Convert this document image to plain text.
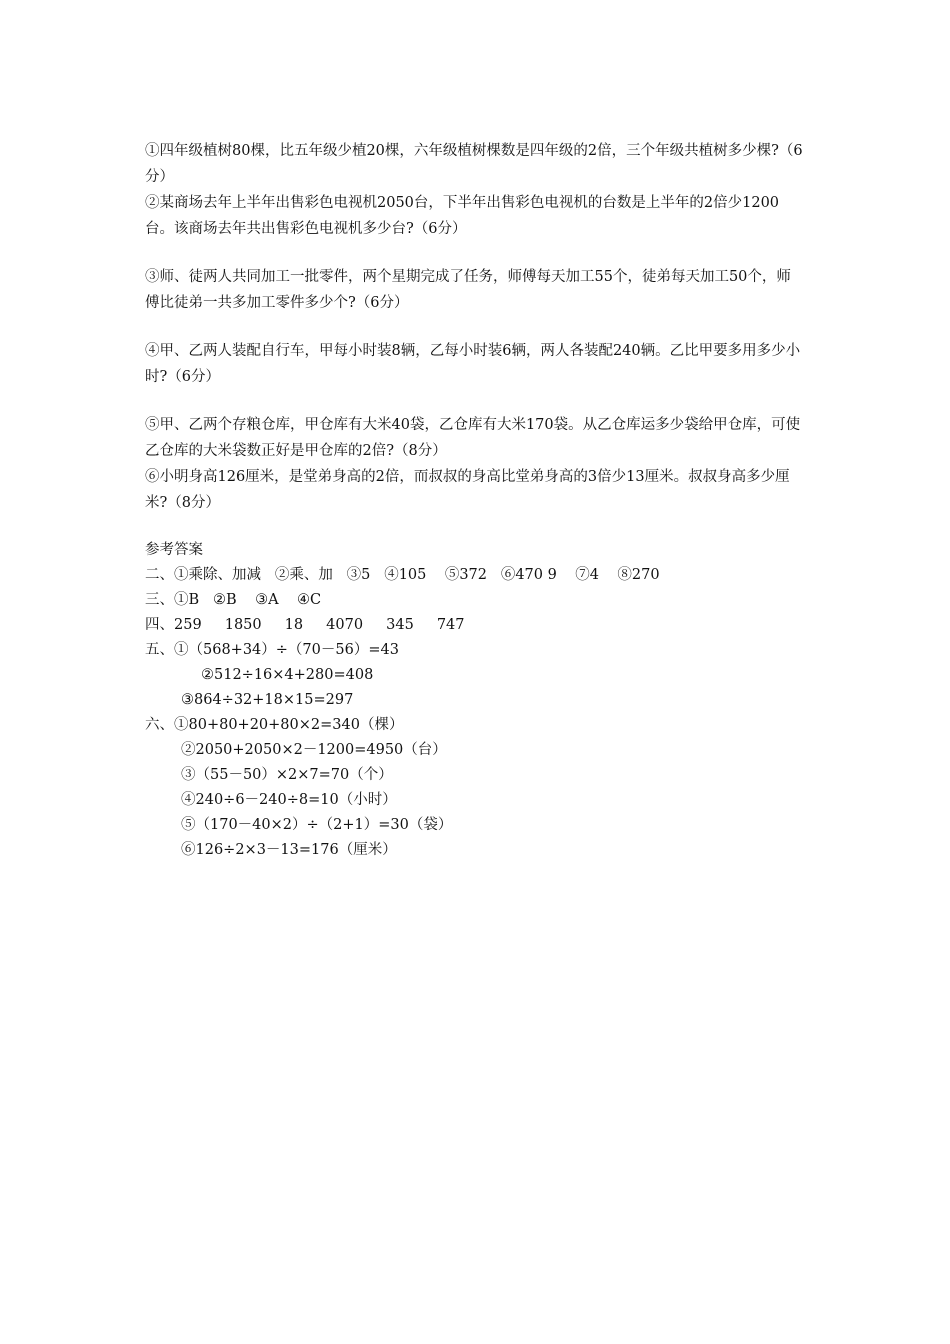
①四年级植树80棵，比五年级少植20棵，六年级植树棵数是四年级的2倍，三个年级共植树多少棵?（6分）

②某商场去年上半年出售彩色电视机2050台，下半年出售彩色电视机的台数是上半年的2倍少1200台。该商场去年共出售彩色电视机多少台?（6分）

③师、徒两人共同加工一批零件，两个星期完成了任务，师傅每天加工55个，徒弟每天加工50个，师傅比徒弟一共多加工零件多少个?（6分）

④甲、乙两人装配自行车，甲每小时装8辆，乙每小时装6辆，两人各装配240辆。乙比甲要多用多少小时?（6分）

⑤甲、乙两个存粮仓库，甲仓库有大米40袋，乙仓库有大米170袋。从乙仓库运多少袋给甲仓库，可使乙仓库的大米袋数正好是甲仓库的2倍?（8分）

⑥小明身高126厘米，是堂弟身高的2倍，而叔叔的身高比堂弟身高的3倍少13厘米。叔叔身高多少厘米?（8分）

参考答案

二、①乘除、加减   ②乘、加   ③5   ④105    ⑤372   ⑥470 9    ⑦4    ⑧270

三、①B   ②B    ③A    ④C

四、259     1850     18     4070     345     747

五、①（568+34）÷（70－56）=43

②512÷16×4+280=408

③864÷32+18×15=297

六、①80+80+20+80×2=340（棵）

②2050+2050×2－1200=4950（台）

③（55－50）×2×7=70（个）

④240÷6－240÷8=10（小时）

⑤（170－40×2）÷（2+1）=30（袋）

⑥126÷2×3－13=176（厘米）
